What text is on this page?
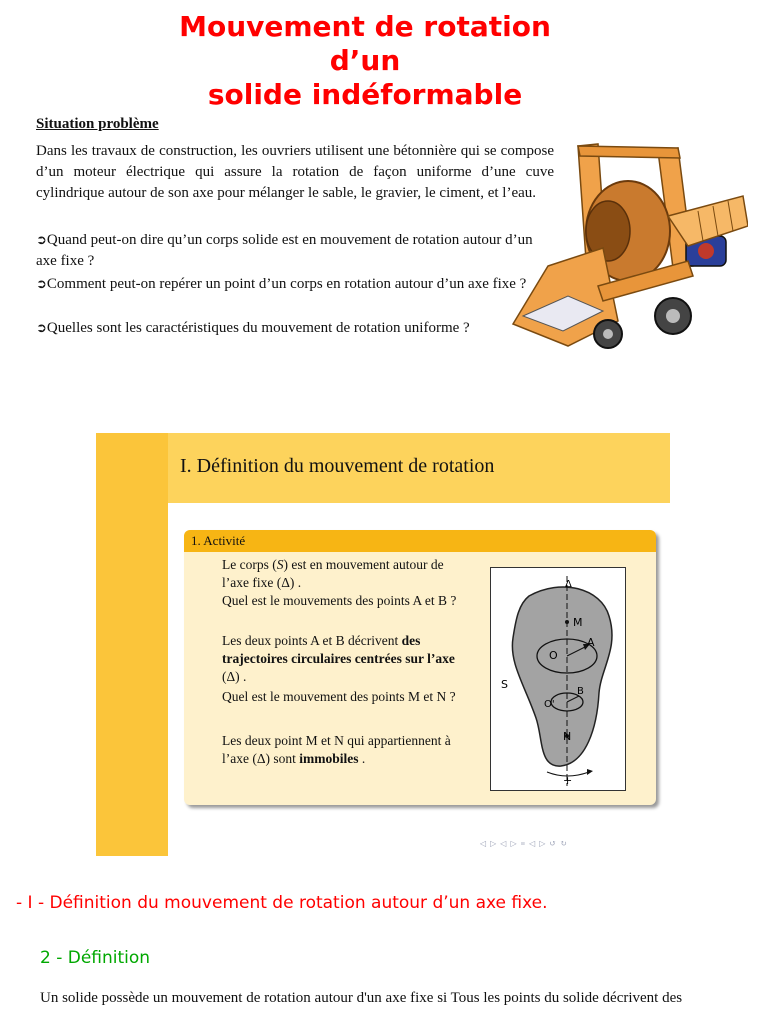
Mouvement de rotation
d’un
solide indéformable
Situation problème
Dans les travaux de construction, les ouvriers utilisent une bétonnière qui se compose d’un moteur électrique qui assure la rotation de façon uniforme d’une cuve cylindrique autour de son axe pour mélanger le sable, le gravier, le ciment, et l’eau.
➲Quand peut-on dire qu’un corps solide est en mouvement de rotation autour d’un axe fixe ?
➲Comment peut-on repérer un point d’un corps en rotation autour d’un axe fixe ?
➲Quelles sont les caractéristiques du mouvement de rotation uniforme ?
I. Définition du mouvement de rotation
1. Activité
Le corps (S) est en mouvement autour de l’axe fixe (Δ) .
Quel est le mouvements des points A et B ?
Les deux points A et B décrivent des trajectoires circulaires centrées sur l’axe (Δ) .
Quel est le mouvement des points M et N ?
Les deux point M et N qui appartiennent à l’axe (Δ) sont immobiles .
Δ
M
A
O
S
B
O'
N
+
◁ ▷ ◁ ▷ ≡ ◁ ▷ ↺ ↻
- I - Définition du mouvement de rotation autour d’un axe fixe.
2 - Définition
Un solide possède un mouvement de rotation autour d'un axe fixe si Tous les points du solide décrivent des
